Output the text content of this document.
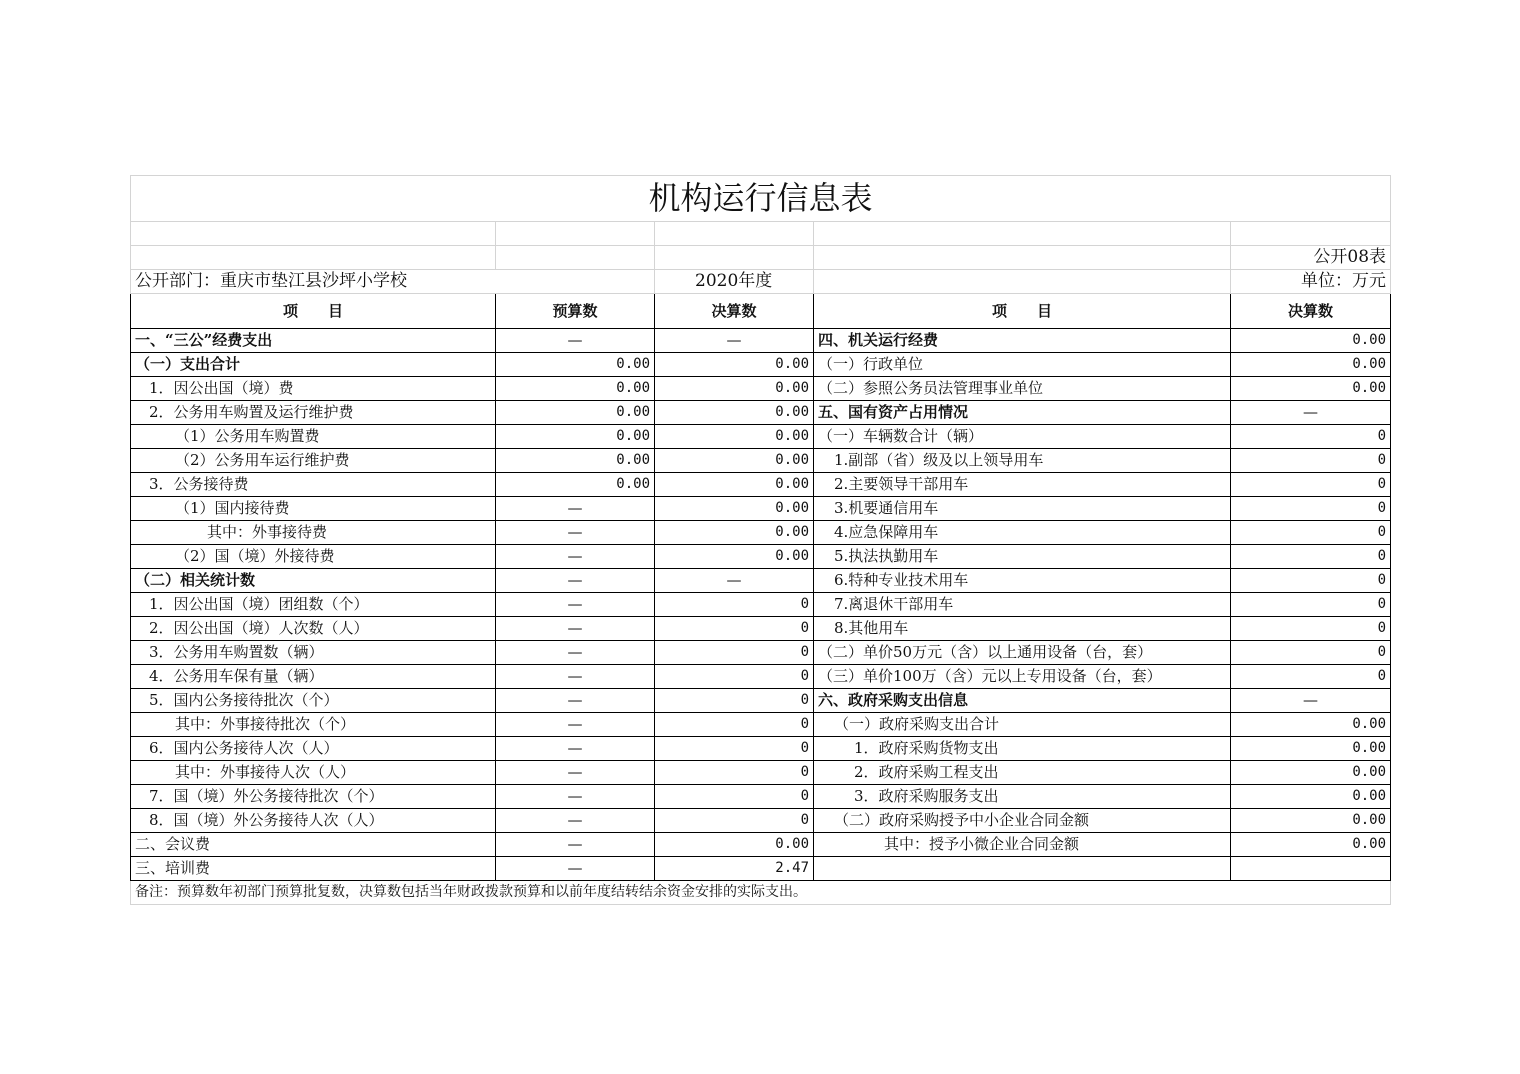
机构运行信息表				

				公开08表
公开部门：重庆市垫江县沙坪小学校		2020年度		单位：万元
项　　目	预算数	决算数	项　　目	决算数
一、“三公”经费支出	—	—	四、机关运行经费	0.00
（一）支出合计	0.00	0.00	（一）行政单位	0.00
1．因公出国（境）费	0.00	0.00	（二）参照公务员法管理事业单位	0.00
2．公务用车购置及运行维护费	0.00	0.00	五、国有资产占用情况	—
（1）公务用车购置费	0.00	0.00	（一）车辆数合计（辆）	0
（2）公务用车运行维护费	0.00	0.00	1.副部（省）级及以上领导用车	0
3．公务接待费	0.00	0.00	2.主要领导干部用车	0
（1）国内接待费	—	0.00	3.机要通信用车	0
其中：外事接待费	—	0.00	4.应急保障用车	0
（2）国（境）外接待费	—	0.00	5.执法执勤用车	0
（二）相关统计数	—	—	6.特种专业技术用车	0
1．因公出国（境）团组数（个）	—	0	7.离退休干部用车	0
2．因公出国（境）人次数（人）	—	0	8.其他用车	0
3．公务用车购置数（辆）	—	0	（二）单价50万元（含）以上通用设备（台，套）	0
4．公务用车保有量（辆）	—	0	（三）单价100万（含）元以上专用设备（台，套）	0
5．国内公务接待批次（个）	—	0	六、政府采购支出信息	—
其中：外事接待批次（个）	—	0	（一）政府采购支出合计	0.00
6．国内公务接待人次（人）	—	0	1．政府采购货物支出	0.00
其中：外事接待人次（人）	—	0	2．政府采购工程支出	0.00
7．国（境）外公务接待批次（个）	—	0	3．政府采购服务支出	0.00
8．国（境）外公务接待人次（人）	—	0	（二）政府采购授予中小企业合同金额	0.00
二、会议费	—	0.00	其中：授予小微企业合同金额	0.00
三、培训费	—	2.47		
备注：预算数年初部门预算批复数，决算数包括当年财政拨款预算和以前年度结转结余资金安排的实际支出。				
